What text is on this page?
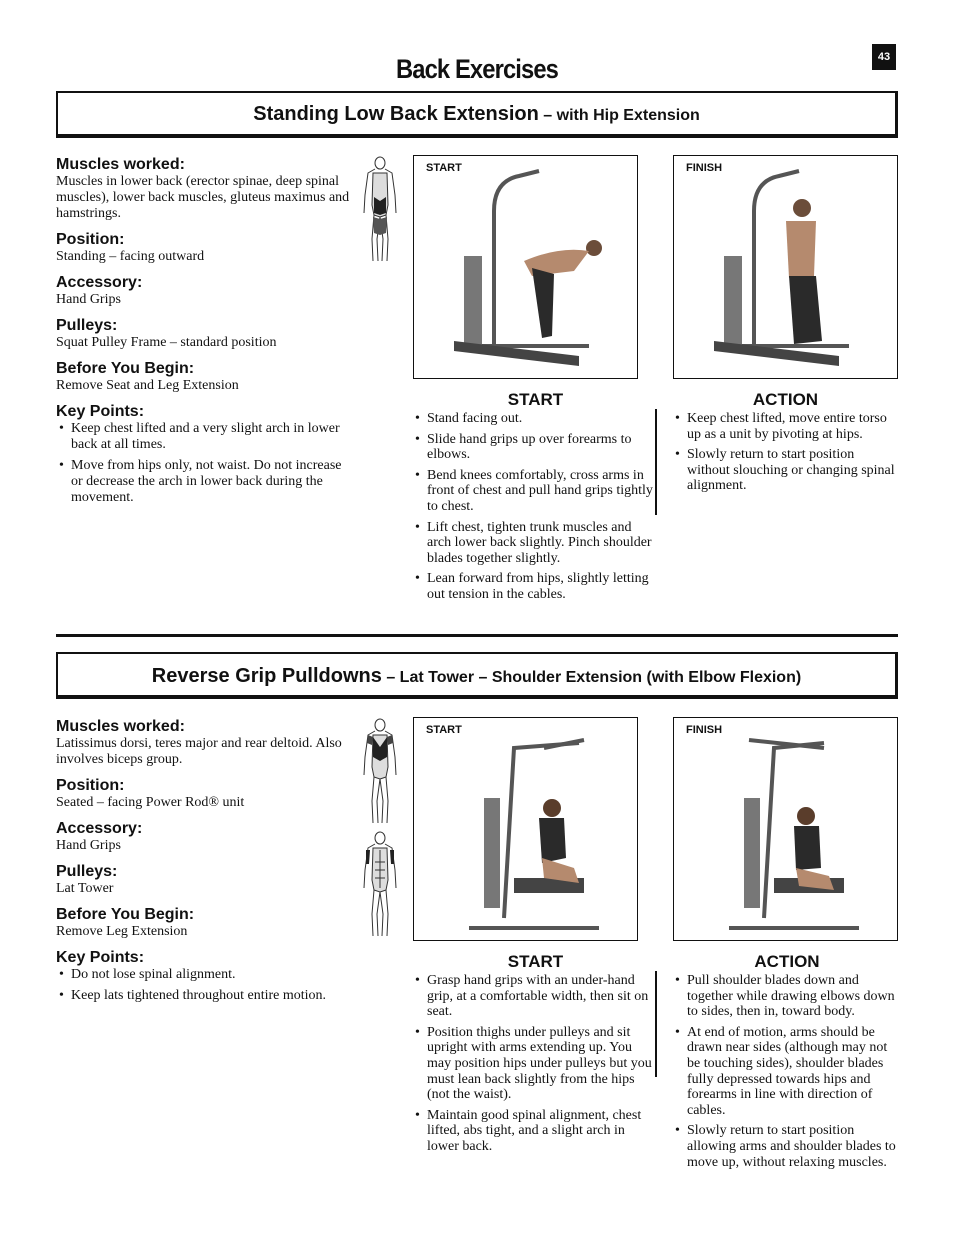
43
Back Exercises
Standing Low Back Extension – with Hip Extension
Muscles worked:

Muscles in lower back (erector spinae, deep spinal muscles), lower back muscles, gluteus maximus and hamstrings.

Position:

Standing – facing outward

Accessory:

Hand Grips

Pulleys:

Squat Pulley Frame – standard position

Before You Begin:

Remove Seat and Leg Extension

Key Points:
• Keep chest lifted and a very slight arch in lower back at all times.
• Move from hips only, not waist. Do not increase or decrease the arch in lower back during the movement.
START	FINISH
START
• Stand facing out.
• Slide hand grips up over forearms to elbows.
• Bend knees comfortably, cross arms in front of chest and pull hand grips tightly to chest.
• Lift chest, tighten trunk muscles and arch lower back slightly. Pinch shoulder blades together slightly.
• Lean forward from hips, slightly letting out tension in the cables.
ACTION
• Keep chest lifted, move entire torso up as a unit by pivoting at hips.
• Slowly return to start position without slouching or changing spinal alignment.
Reverse Grip Pulldowns – Lat Tower – Shoulder Extension (with Elbow Flexion)
Muscles worked:

Latissimus dorsi, teres major and rear deltoid. Also involves biceps group.

Position:

Seated – facing Power Rod® unit

Accessory:

Hand Grips

Pulleys:

Lat Tower

Before You Begin:

Remove Leg Extension

Key Points:
• Do not lose spinal alignment.
• Keep lats tightened throughout entire motion.
START	FINISH
START
• Grasp hand grips with an under-hand grip, at a comfortable width, then sit on seat.
• Position thighs under pulleys and sit upright with arms extending up. You may position hips under pulleys but you must lean back slightly from the hips (not the waist).
• Maintain good spinal alignment, chest lifted, abs tight, and a slight arch in lower back.
ACTION
• Pull shoulder blades down and together while drawing elbows down to sides, then in, toward body.
• At end of motion, arms should be drawn near sides (although may not be touching sides), shoulder blades fully depressed towards hips and forearms in line with direction of cables.
• Slowly return to start position allowing arms and shoulder blades to move up, without relaxing muscles.
